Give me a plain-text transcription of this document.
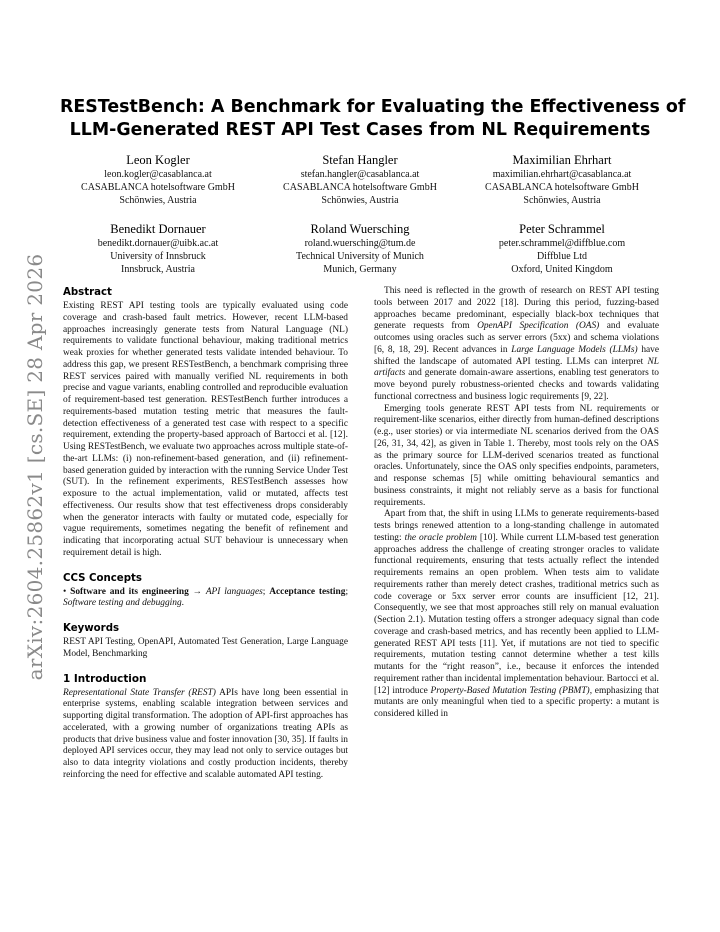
arXiv:2604.25862v1 [cs.SE] 28 Apr 2026
RESTestBench: A Benchmark for Evaluating the Effectiveness of
LLM-Generated REST API Test Cases from NL Requirements
Leon Kogler
leon.kogler@casablanca.at
CASABLANCA hotelsoftware GmbH
Schönwies, Austria
Stefan Hangler
stefan.hangler@casablanca.at
CASABLANCA hotelsoftware GmbH
Schönwies, Austria
Maximilian Ehrhart
maximilian.ehrhart@casablanca.at
CASABLANCA hotelsoftware GmbH
Schönwies, Austria
Benedikt Dornauer
benedikt.dornauer@uibk.ac.at
University of Innsbruck
Innsbruck, Austria
Roland Wuersching
roland.wuersching@tum.de
Technical University of Munich
Munich, Germany
Peter Schrammel
peter.schrammel@diffblue.com
Diffblue Ltd
Oxford, United Kingdom
Abstract

Existing REST API testing tools are typically evaluated using code coverage and crash-based fault metrics. However, recent LLM-based approaches increasingly generate tests from Natural Language (NL) requirements to validate functional behaviour, making traditional metrics weak proxies for whether generated tests validate intended behaviour. To address this gap, we present RESTestBench, a benchmark comprising three REST services paired with manually verified NL requirements in both precise and vague variants, enabling controlled and reproducible evaluation of requirement-based test generation. RESTestBench further introduces a requirements-based mutation testing metric that measures the fault-detection effectiveness of a generated test case with respect to a specific requirement, extending the property-based approach of Bartocci et al. [12]. Using RESTestBench, we evaluate two approaches across multiple state-of-the-art LLMs: (i) non-refinement-based generation, and (ii) refinement-based generation guided by interaction with the running Service Under Test (SUT). In the refinement experiments, RESTestBench assesses how exposure to the actual implementation, valid or mutated, affects test effectiveness. Our results show that test effectiveness drops considerably when the generator interacts with faulty or mutated code, especially for vague requirements, sometimes negating the benefit of refinement and indicating that incorporating actual SUT behaviour is unnecessary when requirement detail is high.

CCS Concepts

• Software and its engineering → API languages; Acceptance testing; Software testing and debugging.

Keywords

REST API Testing, OpenAPI, Automated Test Generation, Large Language Model, Benchmarking

1 Introduction

Representational State Transfer (REST) APIs have long been essential in enterprise systems, enabling scalable integration between services and supporting digital transformation. The adoption of API-first approaches has accelerated, with a growing number of organizations treating APIs as products that drive business value and foster innovation [30, 35]. If faults in deployed API services occur, they may lead not only to service outages but also to data integrity violations and costly production incidents, thereby reinforcing the need for effective and scalable automated API testing.

This need is reflected in the growth of research on REST API testing tools between 2017 and 2022 [18]. During this period, fuzzing-based approaches became predominant, especially black-box techniques that generate requests from OpenAPI Specification (OAS) and evaluate outcomes using oracles such as server errors (5xx) and schema violations [6, 8, 18, 29]. Recent advances in Large Language Models (LLMs) have shifted the landscape of automated API testing. LLMs can interpret NL artifacts and generate domain-aware assertions, enabling test generators to move beyond purely robustness-oriented checks and towards validating functional correctness and business logic requirements [9, 22].

Emerging tools generate REST API tests from NL requirements or requirement-like scenarios, either directly from human-defined descriptions (e.g., user stories) or via intermediate NL scenarios derived from the OAS [26, 31, 34, 42], as given in Table 1. Thereby, most tools rely on the OAS as the primary source for LLM-derived scenarios treated as functional oracles. Unfortunately, since the OAS only specifies endpoints, parameters, and response schemas [5] while omitting behavioural semantics and business constraints, it might not reliably serve as a basis for functional requirements.

Apart from that, the shift in using LLMs to generate requirements-based tests brings renewed attention to a long-standing challenge in automated testing: the oracle problem [10]. While current LLM-based test generation approaches address the challenge of creating stronger oracles to validate functional requirements, ensuring that tests actually reflect the intended requirements remains an open problem. When tests aim to validate requirements rather than merely detect crashes, traditional metrics such as code coverage or 5xx server error counts are insufficient [12, 21]. Consequently, we see that most approaches still rely on manual evaluation (Section 2.1). Mutation testing offers a stronger adequacy signal than code coverage and crash-based metrics, and has recently been applied to LLM-generated REST API tests [11]. Yet, if mutations are not tied to specific requirements, mutation testing cannot determine whether a test kills mutants for the “right reason”, i.e., because it enforces the intended requirement rather than incidental implementation behaviour. Bartocci et al. [12] introduce Property-Based Mutation Testing (PBMT), emphasizing that mutants are only meaningful when tied to a specific property: a mutant is considered killed in
